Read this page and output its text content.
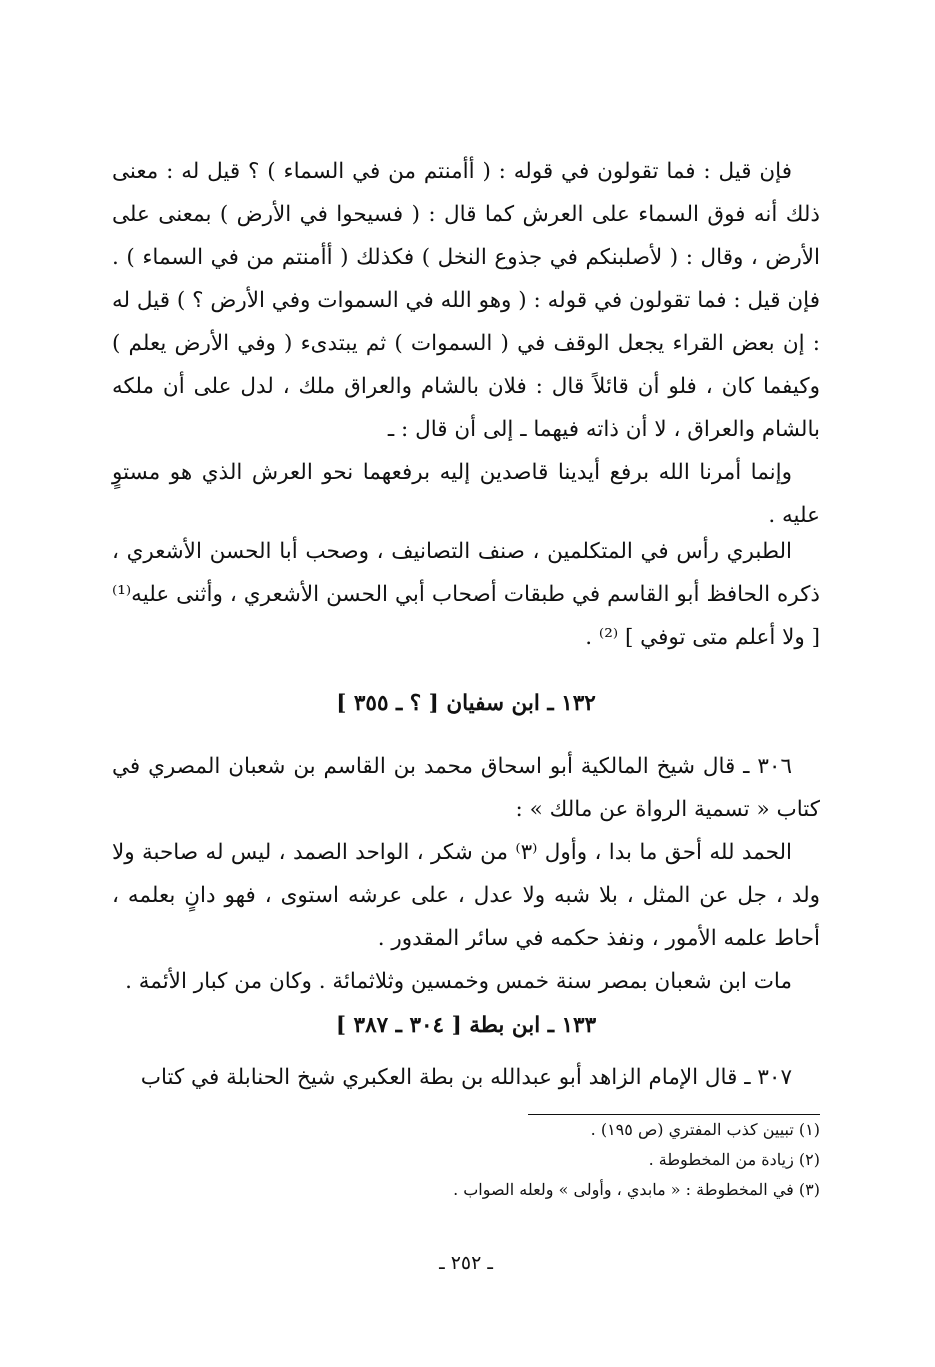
فإن قيل : فما تقولون في قوله : ( أأمنتم من في السماء ) ؟ قيل له : معنى ذلك أنه فوق السماء على العرش كما قال : ( فسيحوا في الأرض ) بمعنى على الأرض ، وقال : ( لأصلبنكم في جذوع النخل ) فكذلك ( أأمنتم من في السماء ) . فإن قيل : فما تقولون في قوله : ( وهو الله في السموات وفي الأرض ؟ ) قيل له : إن بعض القراء يجعل الوقف في ( السموات ) ثم يبتدىء ( وفي الأرض يعلم ) وكيفما كان ، فلو أن قائلاً قال : فلان بالشام والعراق ملك ، لدل على أن ملكه بالشام والعراق ، لا أن ذاته فيهما ـ إلى أن قال : ـ

وإنما أمرنا الله برفع أيدينا قاصدين إليه برفعهما نحو العرش الذي هو مستوٍ عليه .

الطبري رأس في المتكلمين ، صنف التصانيف ، وصحب أبا الحسن الأشعري ، ذكره الحافظ أبو القاسم في طبقات أصحاب أبي الحسن الأشعري ، وأثنى عليه⁽¹⁾ [ ولا أعلم متى توفي ] ⁽²⁾ .

١٣٢ ـ ابن سفيان [ ؟ ـ ٣٥٥ ]

٣٠٦ ـ قال شيخ المالكية أبو اسحاق محمد بن القاسم بن شعبان المصري في كتاب « تسمية الرواة عن مالك » :

الحمد لله أحق ما بدا ، وأول ⁽٣⁾ من شكر ، الواحد الصمد ، ليس له صاحبة ولا ولد ، جل عن المثل ، بلا شبه ولا عدل ، على عرشه استوى ، فهو دانٍ بعلمه ، أحاط علمه الأمور ، ونفذ حكمه في سائر المقدور .

مات ابن شعبان بمصر سنة خمس وخمسين وثلاثمائة . وكان من كبار الأئمة .

١٣٣ ـ ابن بطة [ ٣٠٤ ـ ٣٨٧ ]

٣٠٧ ـ قال الإمام الزاهد أبو عبدالله بن بطة العكبري شيخ الحنابلة في كتاب

(١) تبيين كذب المفتري (ص ١٩٥) .
(٢) زيادة من المخطوطة .
(٣) في المخطوطة : « مابدي ، وأولى » ولعله الصواب .
ـ ٢٥٢ ـ
